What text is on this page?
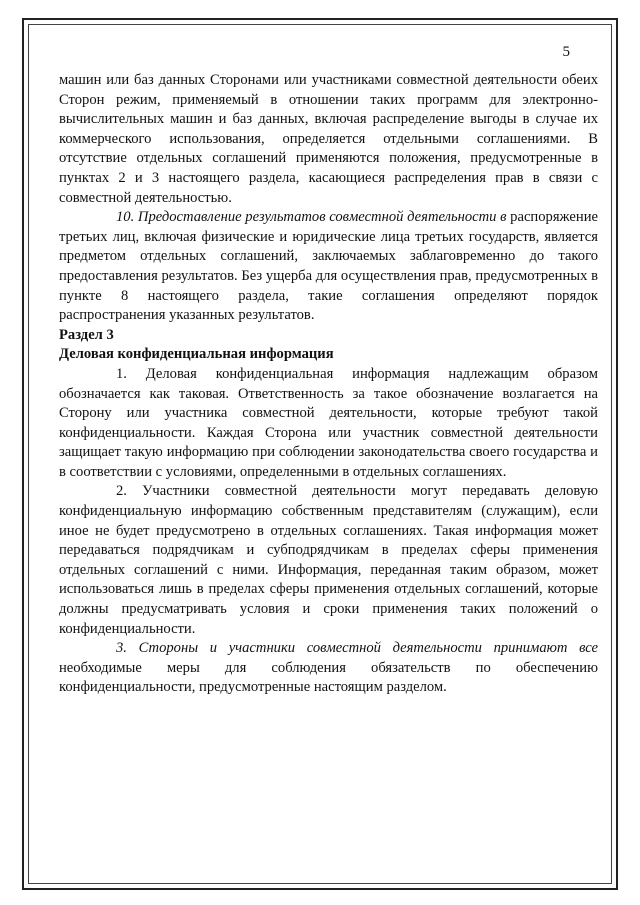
5

машин или баз данных Сторонами или участниками совместной деятельности обеих Сторон режим, применяемый в отношении таких программ для электронно-вычислительных машин и баз данных, включая распределение выгоды в случае их коммерческого использования, определяется отдельными соглашениями. В отсутствие отдельных соглашений применяются положения, предусмотренные в пунктах 2 и 3 настоящего раздела, касающиеся распределения прав в связи с совместной деятельностью.

10. Предоставление результатов совместной деятельности в распоряжение третьих лиц, включая физические и юридические лица третьих государств, является предметом отдельных соглашений, заключаемых заблаговременно до такого предоставления результатов. Без ущерба для осуществления прав, предусмотренных в пункте 8 настоящего раздела, такие соглашения определяют порядок распространения указанных результатов.

Раздел 3

Деловая конфиденциальная информация

1. Деловая конфиденциальная информация надлежащим образом обозначается как таковая. Ответственность за такое обозначение возлагается на Сторону или участника совместной деятельности, которые требуют такой конфиденциальности. Каждая Сторона или участник совместной деятельности защищает такую информацию при соблюдении законодательства своего государства и в соответствии с условиями, определенными в отдельных соглашениях.

2. Участники совместной деятельности могут передавать деловую конфиденциальную информацию собственным представителям (служащим), если иное не будет предусмотрено в отдельных соглашениях. Такая информация может передаваться подрядчикам и субподрядчикам в пределах сферы применения отдельных соглашений с ними. Информация, переданная таким образом, может использоваться лишь в пределах сферы применения отдельных соглашений, которые должны предусматривать условия и сроки применения таких положений о конфиденциальности.

3. Стороны и участники совместной деятельности принимают все необходимые меры для соблюдения обязательств по обеспечению конфиденциальности, предусмотренные настоящим разделом.
